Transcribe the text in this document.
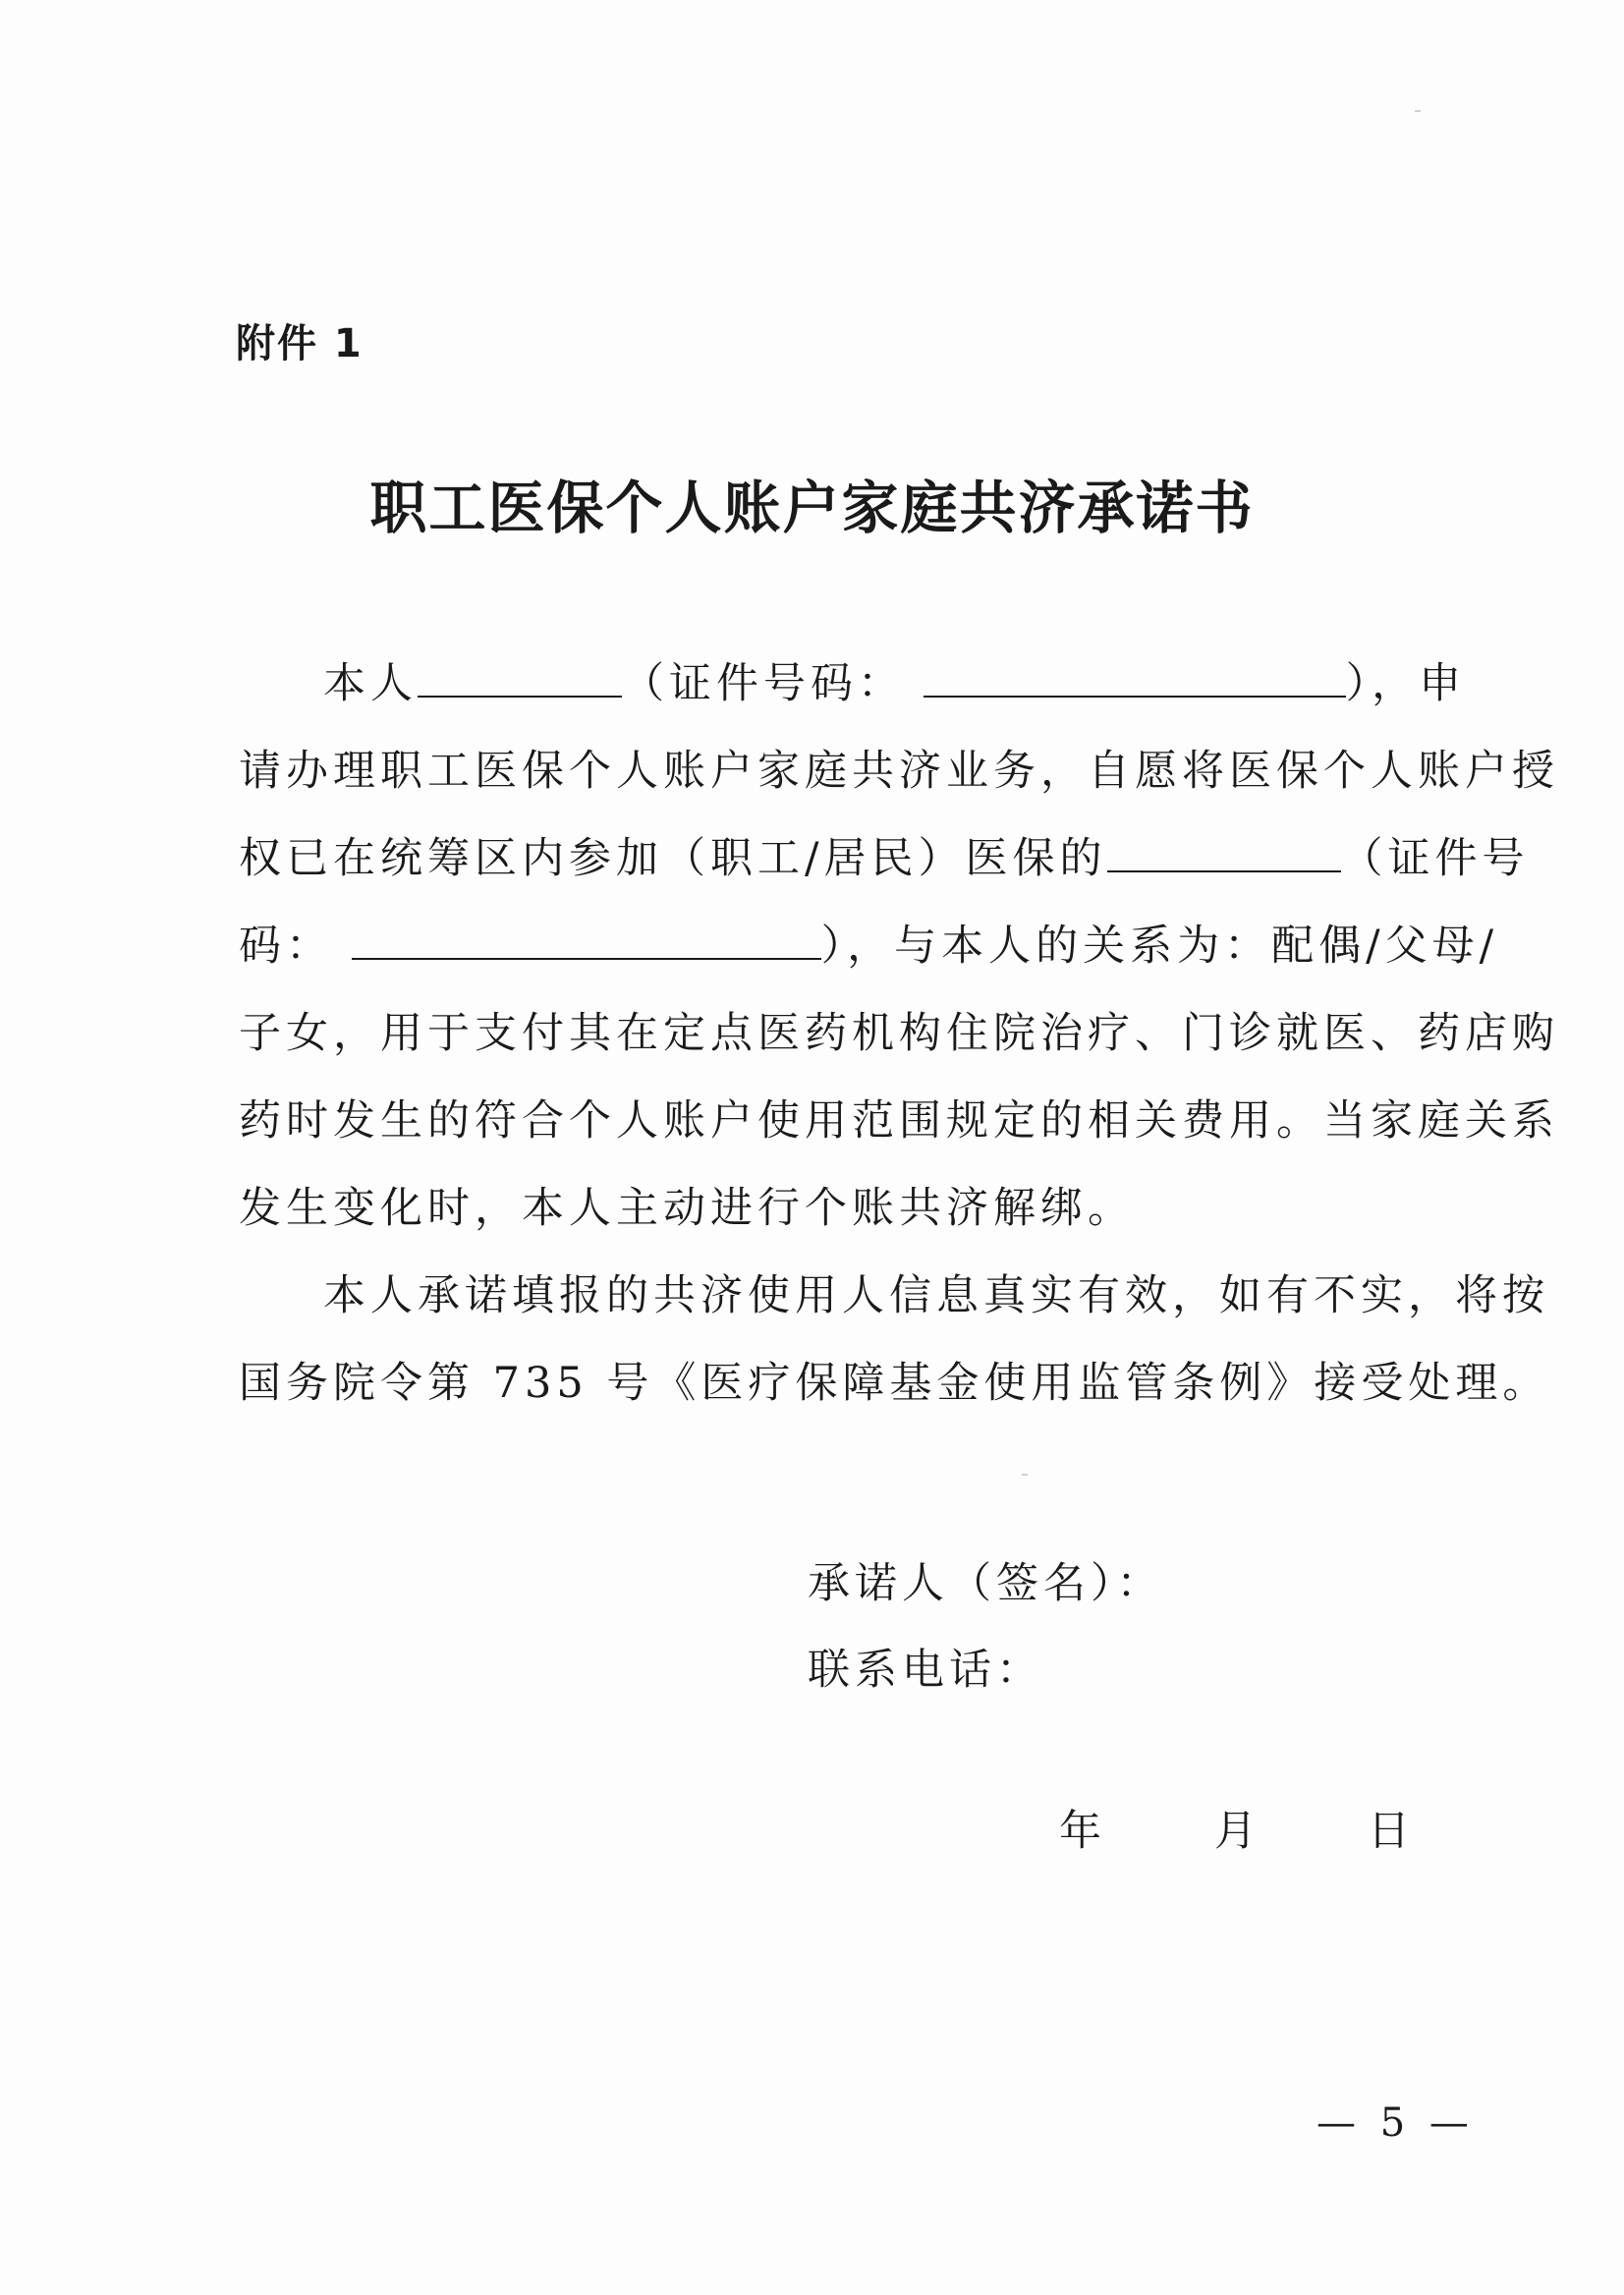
附件 1
职工医保个人账户家庭共济承诺书
本人	（证件号码：	），申
请办理职工医保个人账户家庭共济业务，自愿将医保个人账户授
权已在统筹区内参加（职工/居民）医保的	（证件号
码：	），与本人的关系为：配偶/父母/
子女，用于支付其在定点医药机构住院治疗、门诊就医、药店购
药时发生的符合个人账户使用范围规定的相关费用。当家庭关系
发生变化时，本人主动进行个账共济解绑。
本人承诺填报的共济使用人信息真实有效，如有不实，将按
国务院令第 735 号《医疗保障基金使用监管条例》接受处理。
承诺人（签名）：
联系电话：
年	月	日
— 5 —
